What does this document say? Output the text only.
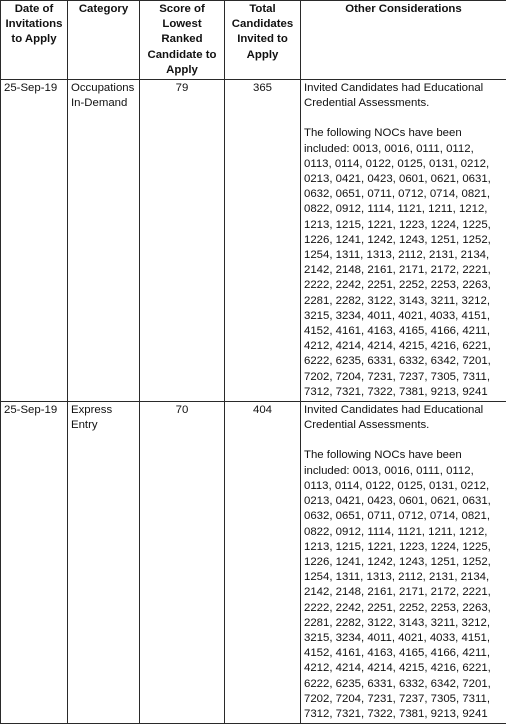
Date of Invitations to Apply	Category	Score of Lowest Ranked Candidate to Apply	Total Candidates Invited to Apply	Other Considerations
25-Sep-19	Occupations In-Demand	79	365	Invited Candidates had Educational Credential Assessments.
The following NOCs have been included: 0013, 0016, 0111, 0112, 0113, 0114, 0122, 0125, 0131, 0212, 0213, 0421, 0423, 0601, 0621, 0631, 0632, 0651, 0711, 0712, 0714, 0821, 0822, 0912, 1114, 1121, 1211, 1212, 1213, 1215, 1221, 1223, 1224, 1225, 1226, 1241, 1242, 1243, 1251, 1252, 1254, 1311, 1313, 2112, 2131, 2134, 2142, 2148, 2161, 2171, 2172, 2221, 2222, 2242, 2251, 2252, 2253, 2263, 2281, 2282, 3122, 3143, 3211, 3212, 3215, 3234, 4011, 4021, 4033, 4151, 4152, 4161, 4163, 4165, 4166, 4211, 4212, 4214, 4214, 4215, 4216, 6221, 6222, 6235, 6331, 6332, 6342, 7201, 7202, 7204, 7231, 7237, 7305, 7311, 7312, 7321, 7322, 7381, 9213, 9241

25-Sep-19	Express Entry	70	404	Invited Candidates had Educational Credential Assessments.
The following NOCs have been included: 0013, 0016, 0111, 0112, 0113, 0114, 0122, 0125, 0131, 0212, 0213, 0421, 0423, 0601, 0621, 0631, 0632, 0651, 0711, 0712, 0714, 0821, 0822, 0912, 1114, 1121, 1211, 1212, 1213, 1215, 1221, 1223, 1224, 1225, 1226, 1241, 1242, 1243, 1251, 1252, 1254, 1311, 1313, 2112, 2131, 2134, 2142, 2148, 2161, 2171, 2172, 2221, 2222, 2242, 2251, 2252, 2253, 2263, 2281, 2282, 3122, 3143, 3211, 3212, 3215, 3234, 4011, 4021, 4033, 4151, 4152, 4161, 4163, 4165, 4166, 4211, 4212, 4214, 4214, 4215, 4216, 6221, 6222, 6235, 6331, 6332, 6342, 7201, 7202, 7204, 7231, 7237, 7305, 7311, 7312, 7321, 7322, 7381, 9213, 9241
